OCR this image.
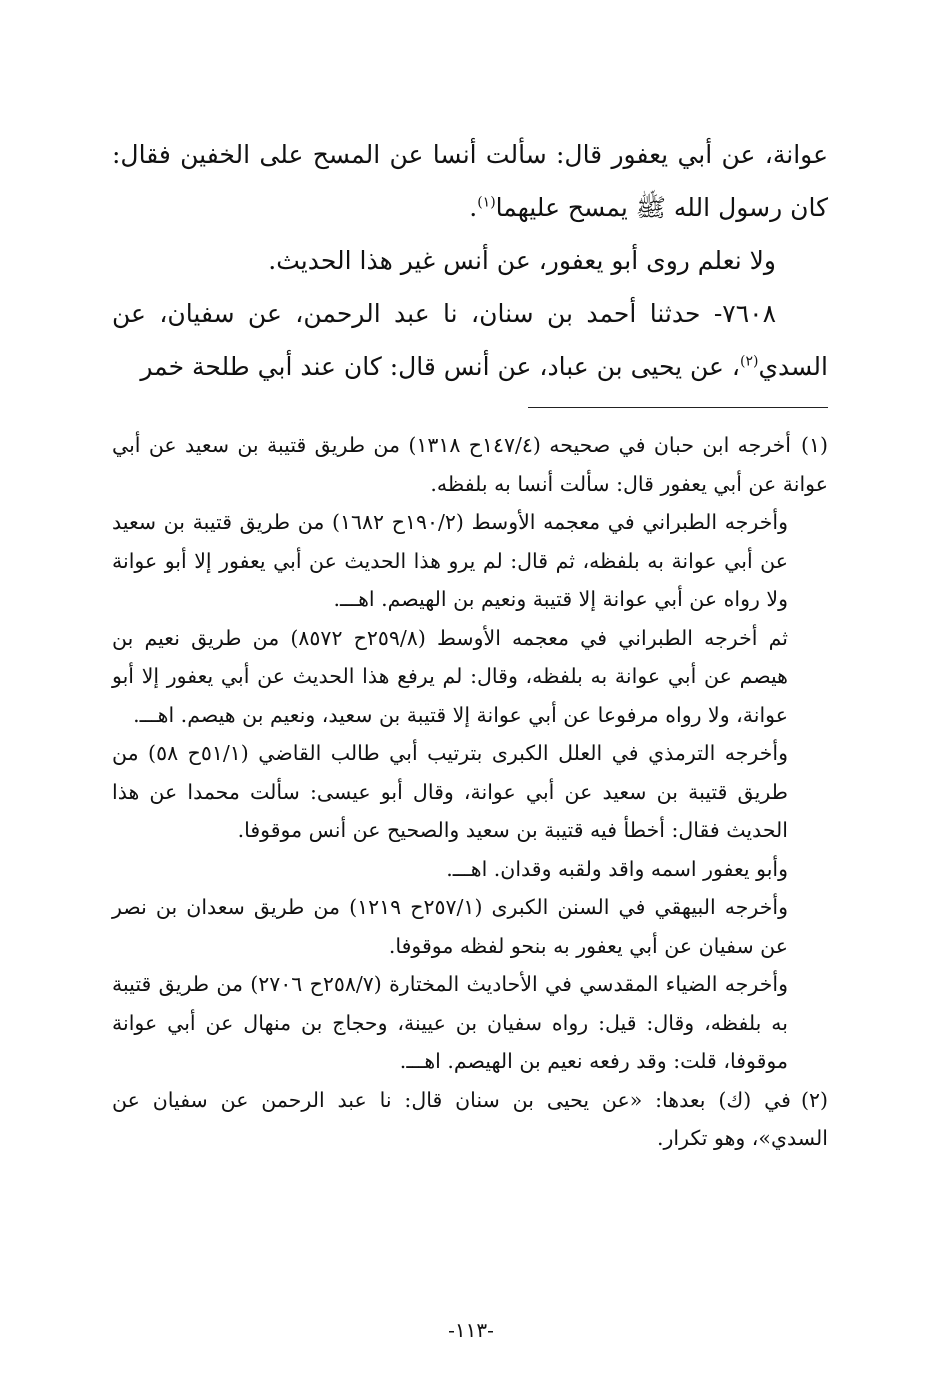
عوانة، عن أبي يعفور قال: سألت أنسا عن المسح على الخفين فقال: كان رسول الله ﷺ يمسح عليهما$^{(١)}$.

ولا نعلم روى أبو يعفور، عن أنس غير هذا الحديث.

٧٦٠٨- حدثنا أحمد بن سنان، نا عبد الرحمن، عن سفيان، عن السدي$^{(٢)}$، عن يحيى بن عباد، عن أنس قال: كان عند أبي طلحة خمر

(١)أخرجه ابن حبان في صحيحه (١٤٧/٤ح ١٣١٨) من طريق قتيبة بن سعيد عن أبي عوانة عن أبي يعفور قال: سألت أنسا به بلفظه.

وأخرجه الطبراني في معجمه الأوسط (١٩٠/٢ح ١٦٨٢) من طريق قتيبة بن سعيد عن أبي عوانة به بلفظه، ثم قال: لم يرو هذا الحديث عن أبي يعفور إلا أبو عوانة ولا رواه عن أبي عوانة إلا قتيبة ونعيم بن الهيصم. اهـــ.

ثم أخرجه الطبراني في معجمه الأوسط (٢٥٩/٨ح ٨٥٧٢) من طريق نعيم بن هيصم عن أبي عوانة به بلفظه، وقال: لم يرفع هذا الحديث عن أبي يعفور إلا أبو عوانة، ولا رواه مرفوعا عن أبي عوانة إلا قتيبة بن سعيد، ونعيم بن هيصم. اهـــ.

وأخرجه الترمذي في العلل الكبرى بترتيب أبي طالب القاضي (٥١/١ح ٥٨) من طريق قتيبة بن سعيد عن أبي عوانة، وقال أبو عيسى: سألت محمدا عن هذا الحديث فقال: أخطأ فيه قتيبة بن سعيد والصحيح عن أنس موقوفا.

وأبو يعفور اسمه واقد ولقبه وقدان. اهـــ.

وأخرجه البيهقي في السنن الكبرى (٢٥٧/١ح ١٢١٩) من طريق سعدان بن نصر عن سفيان عن أبي يعفور به بنحو لفظه موقوفا.

وأخرجه الضياء المقدسي في الأحاديث المختارة (٢٥٨/٧ح ٢٧٠٦) من طريق قتيبة به بلفظه، وقال: قيل: رواه سفيان بن عيينة، وحجاج بن منهال عن أبي عوانة موقوفا، قلت: وقد رفعه نعيم بن الهيصم. اهـــ.

(٢)في (ك) بعدها: «عن يحيى بن سنان قال: نا عبد الرحمن عن سفيان عن السدي»، وهو تكرار.

-١١٣-
